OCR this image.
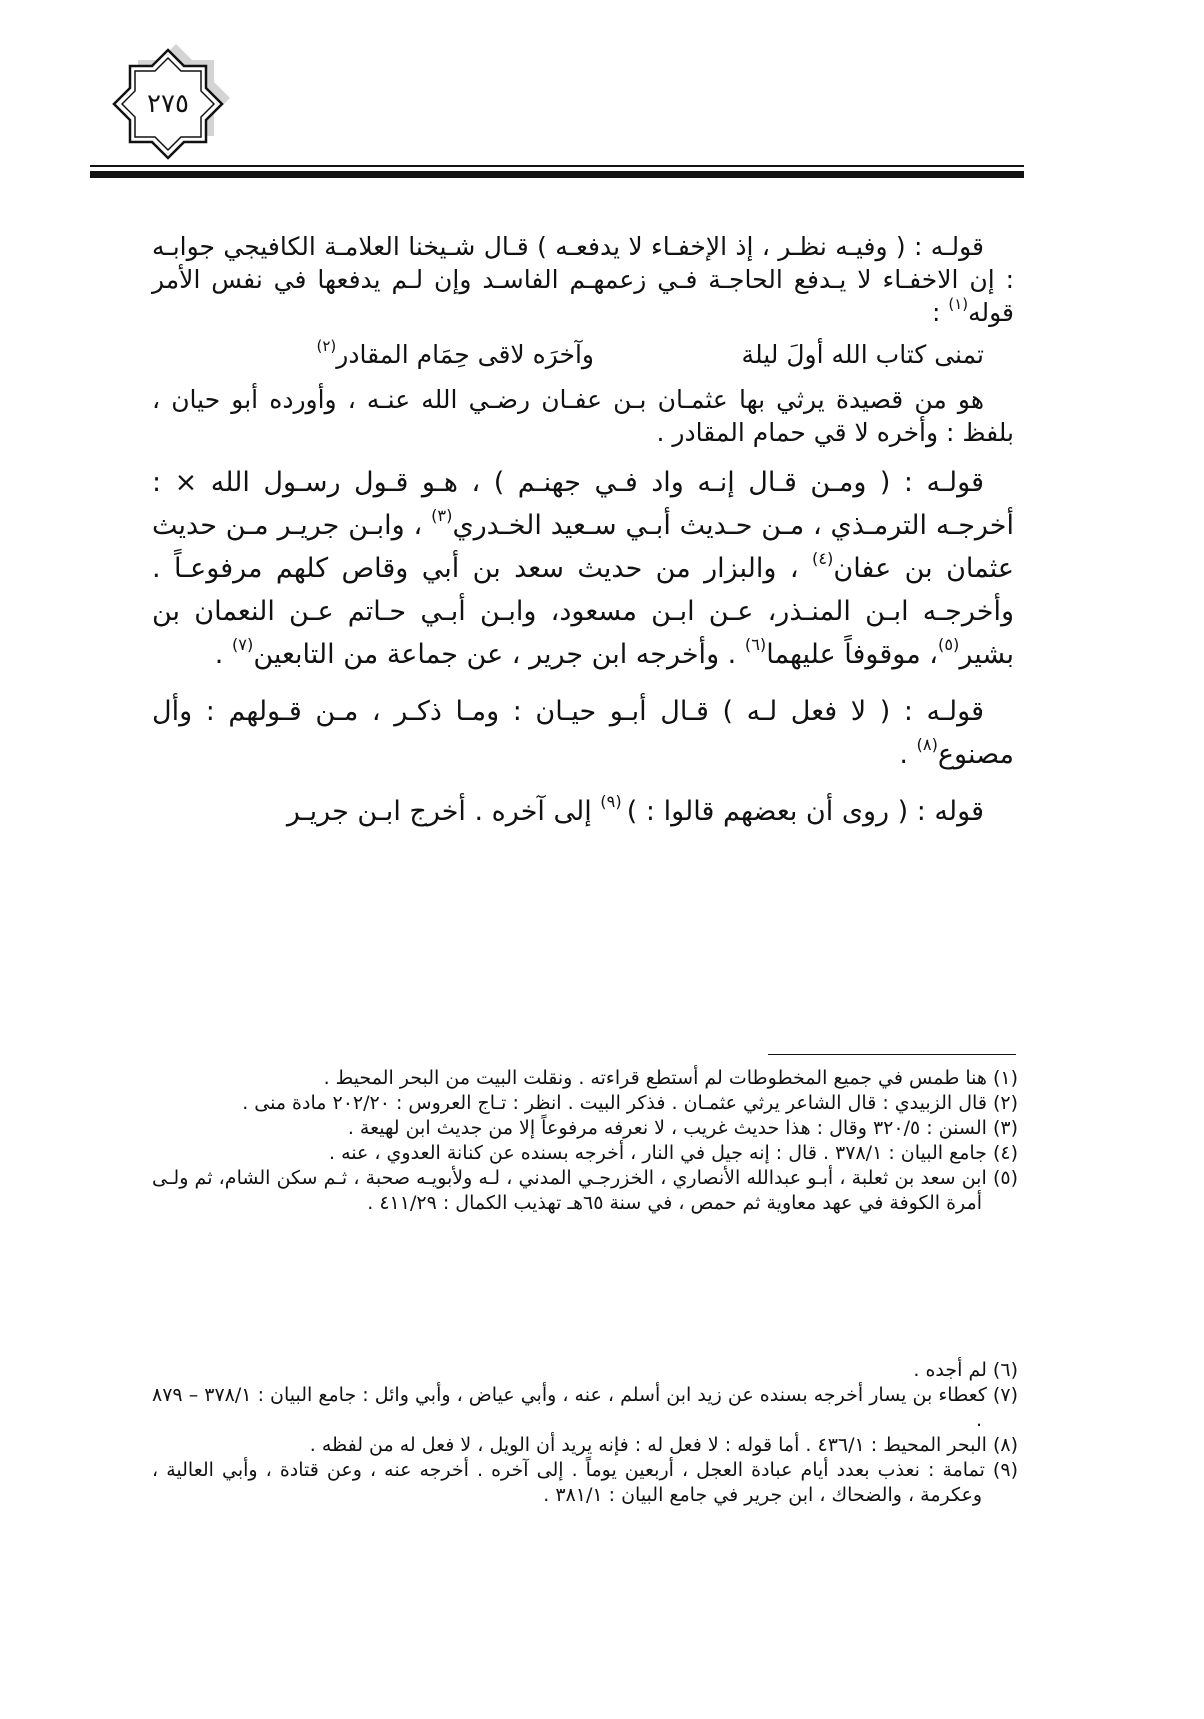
٢٧٥

قولـه : ( وفيـه نظـر ، إذ الإخفـاء لا يدفعـه ) قـال شـيخنا العلامـة الكافيجي جوابـه : إن الاخفـاء لا يـدفع الحاجـة فـي زعمهـم الفاسـد وإن لـم يدفعها في نفس الأمر قوله$^{(١)}$ :

تمنى كتاب الله أولَ ليلة
وآخرَه لاقى حِمَام المقادر$^{(٢)}$

هو من قصيدة يرثي بها عثمـان بـن عفـان رضـي الله عنـه ، وأورده أبو حيان ، بلفظ : وأخره لا قي حمام المقادر .

قولـه : ( ومـن قـال إنـه واد فـي جهنـم ) ، هـو قـول رسـول الله × : أخرجـه الترمـذي ، مـن حـديث أبـي سـعيد الخـدري$^{(٣)}$ ، وابـن جريـر مـن حديث عثمان بن عفان$^{(٤)}$ ، والبزار من حديث سعد بن أبي وقاص كلهم مرفوعـاً . وأخرجـه ابـن المنـذر، عـن ابـن مسعود، وابـن أبـي حـاتم عـن النعمان بن بشير$^{(٥)}$، موقوفاً عليهما$^{(٦)}$ . وأخرجه ابن جرير ، عن جماعة من التابعين$^{(٧)}$ .

قولـه : ( لا فعل لـه ) قـال أبـو حيـان : ومـا ذكـر ، مـن قـولهم : وأل مصنوع$^{(٨)}$ .

قوله : ( روى أن بعضهم قالوا : ) $^{(٩)}$ إلى آخره . أخرج ابـن جريـر

(١) هنا طمس في جميع المخطوطات لم أستطع قراءته . ونقلت البيت من البحر المحيط .

(٢) قال الزبيدي : قال الشاعر يرثي عثمـان . فذكر البيت . انظر : تـاج العروس : ٢٠٢/٢٠ مادة منى .

(٣) السنن : ٣٢٠/٥ وقال : هذا حديث غريب ، لا نعرفه مرفوعاً إلا من جديث ابن لهيعة .

(٤) جامع البيان : ٣٧٨/١ . قال : إنه جيل في النار ، أخرجه بسنده عن كنانة العدوي ، عنه .

(٥) ابن سعد بن ثعلبة ، أبـو عبدالله الأنصاري ، الخزرجـي المدني ، لـه ولأبويـه صحبة ، ثـم سكن الشام، ثم ولـى أمرة الكوفة في عهد معاوية ثم حمص ، في سنة ٦٥هـ تهذيب الكمال : ٤١١/٢٩ .

(٦) لم أجده .

(٧) كعطاء بن يسار أخرجه بسنده عن زيد ابن أسلم ، عنه ، وأبي عياض ، وأبي وائل : جامع البيان : ٣٧٨/١ – ٨٧٩ .

(٨) البحر المحيط : ٤٣٦/١ . أما قوله : لا فعل له : فإنه يريد أن الويل ، لا فعل له من لفظه .

(٩) تمامة : نعذب بعدد أيام عبادة العجل ، أربعين يوماً . إلى آخره . أخرجه عنه ، وعن قتادة ، وأبي العالية ، وعكرمة ، والضحاك ، ابن جرير في جامع البيان : ٣٨١/١ .
